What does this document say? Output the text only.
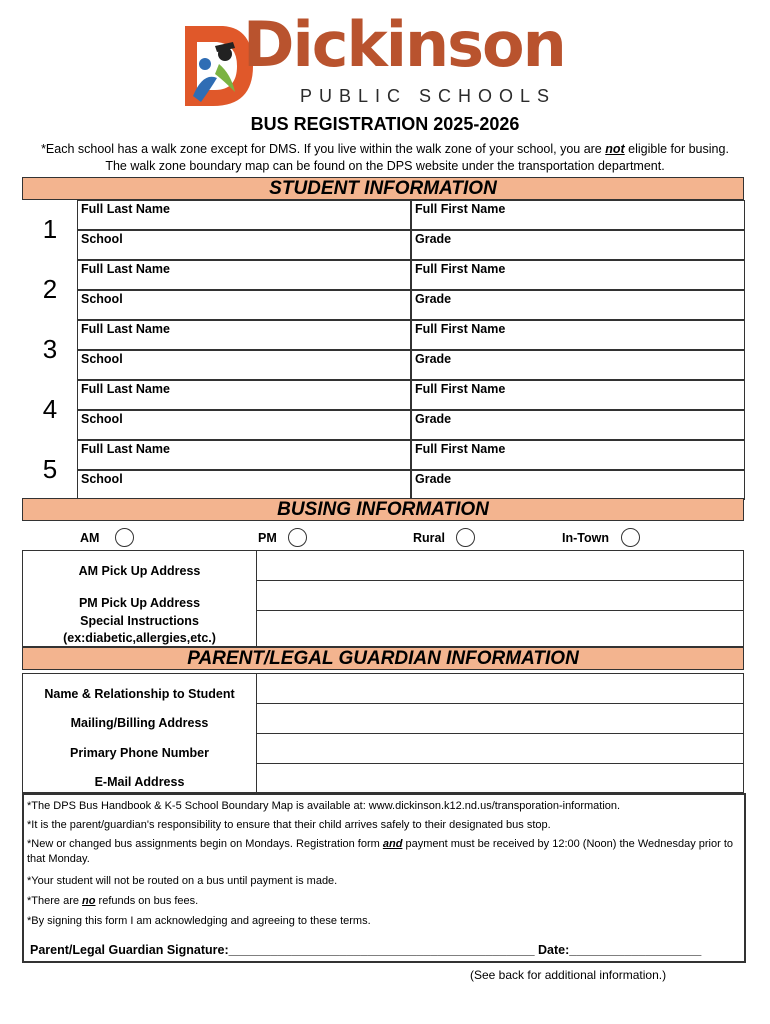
Dickinson
PUBLIC SCHOOLS
BUS REGISTRATION 2025-2026
*Each school has a walk zone except for DMS. If you live within the walk zone of your school, you are not eligible for busing. The walk zone boundary map can be found on the DPS website under the transportation department.
STUDENT INFORMATION
1
Full Last Name	Full First Name
School	Grade
2
Full Last Name	Full First Name
School	Grade
3
Full Last Name	Full First Name
School	Grade
4
Full Last Name	Full First Name
School	Grade
5
Full Last Name	Full First Name
School	Grade
BUSING INFORMATION
AM	PM	Rural	In-Town
AM Pick Up Address
PM Pick Up Address
Special Instructions
(ex:diabetic,allergies,etc.)
PARENT/LEGAL GUARDIAN INFORMATION
Name & Relationship to Student
Mailing/Billing Address
Primary Phone Number
E-Mail Address

*The DPS Bus Handbook & K-5 School Boundary Map is available at: www.dickinson.k12.nd.us/transporation-information.

*It is the parent/guardian's responsibility to ensure that their child arrives safely to their designated bus stop.

*New or changed bus assignments begin on Mondays. Registration form and payment must be received by 12:00 (Noon) the Wednesday prior to that Monday.

*Your student will not be routed on a bus until payment is made.

*There are no refunds on bus fees.

*By signing this form I am acknowledging and agreeing to these terms.

Parent/Legal Guardian Signature:____________________________________________ Date:___________________
(See back for additional information.)
